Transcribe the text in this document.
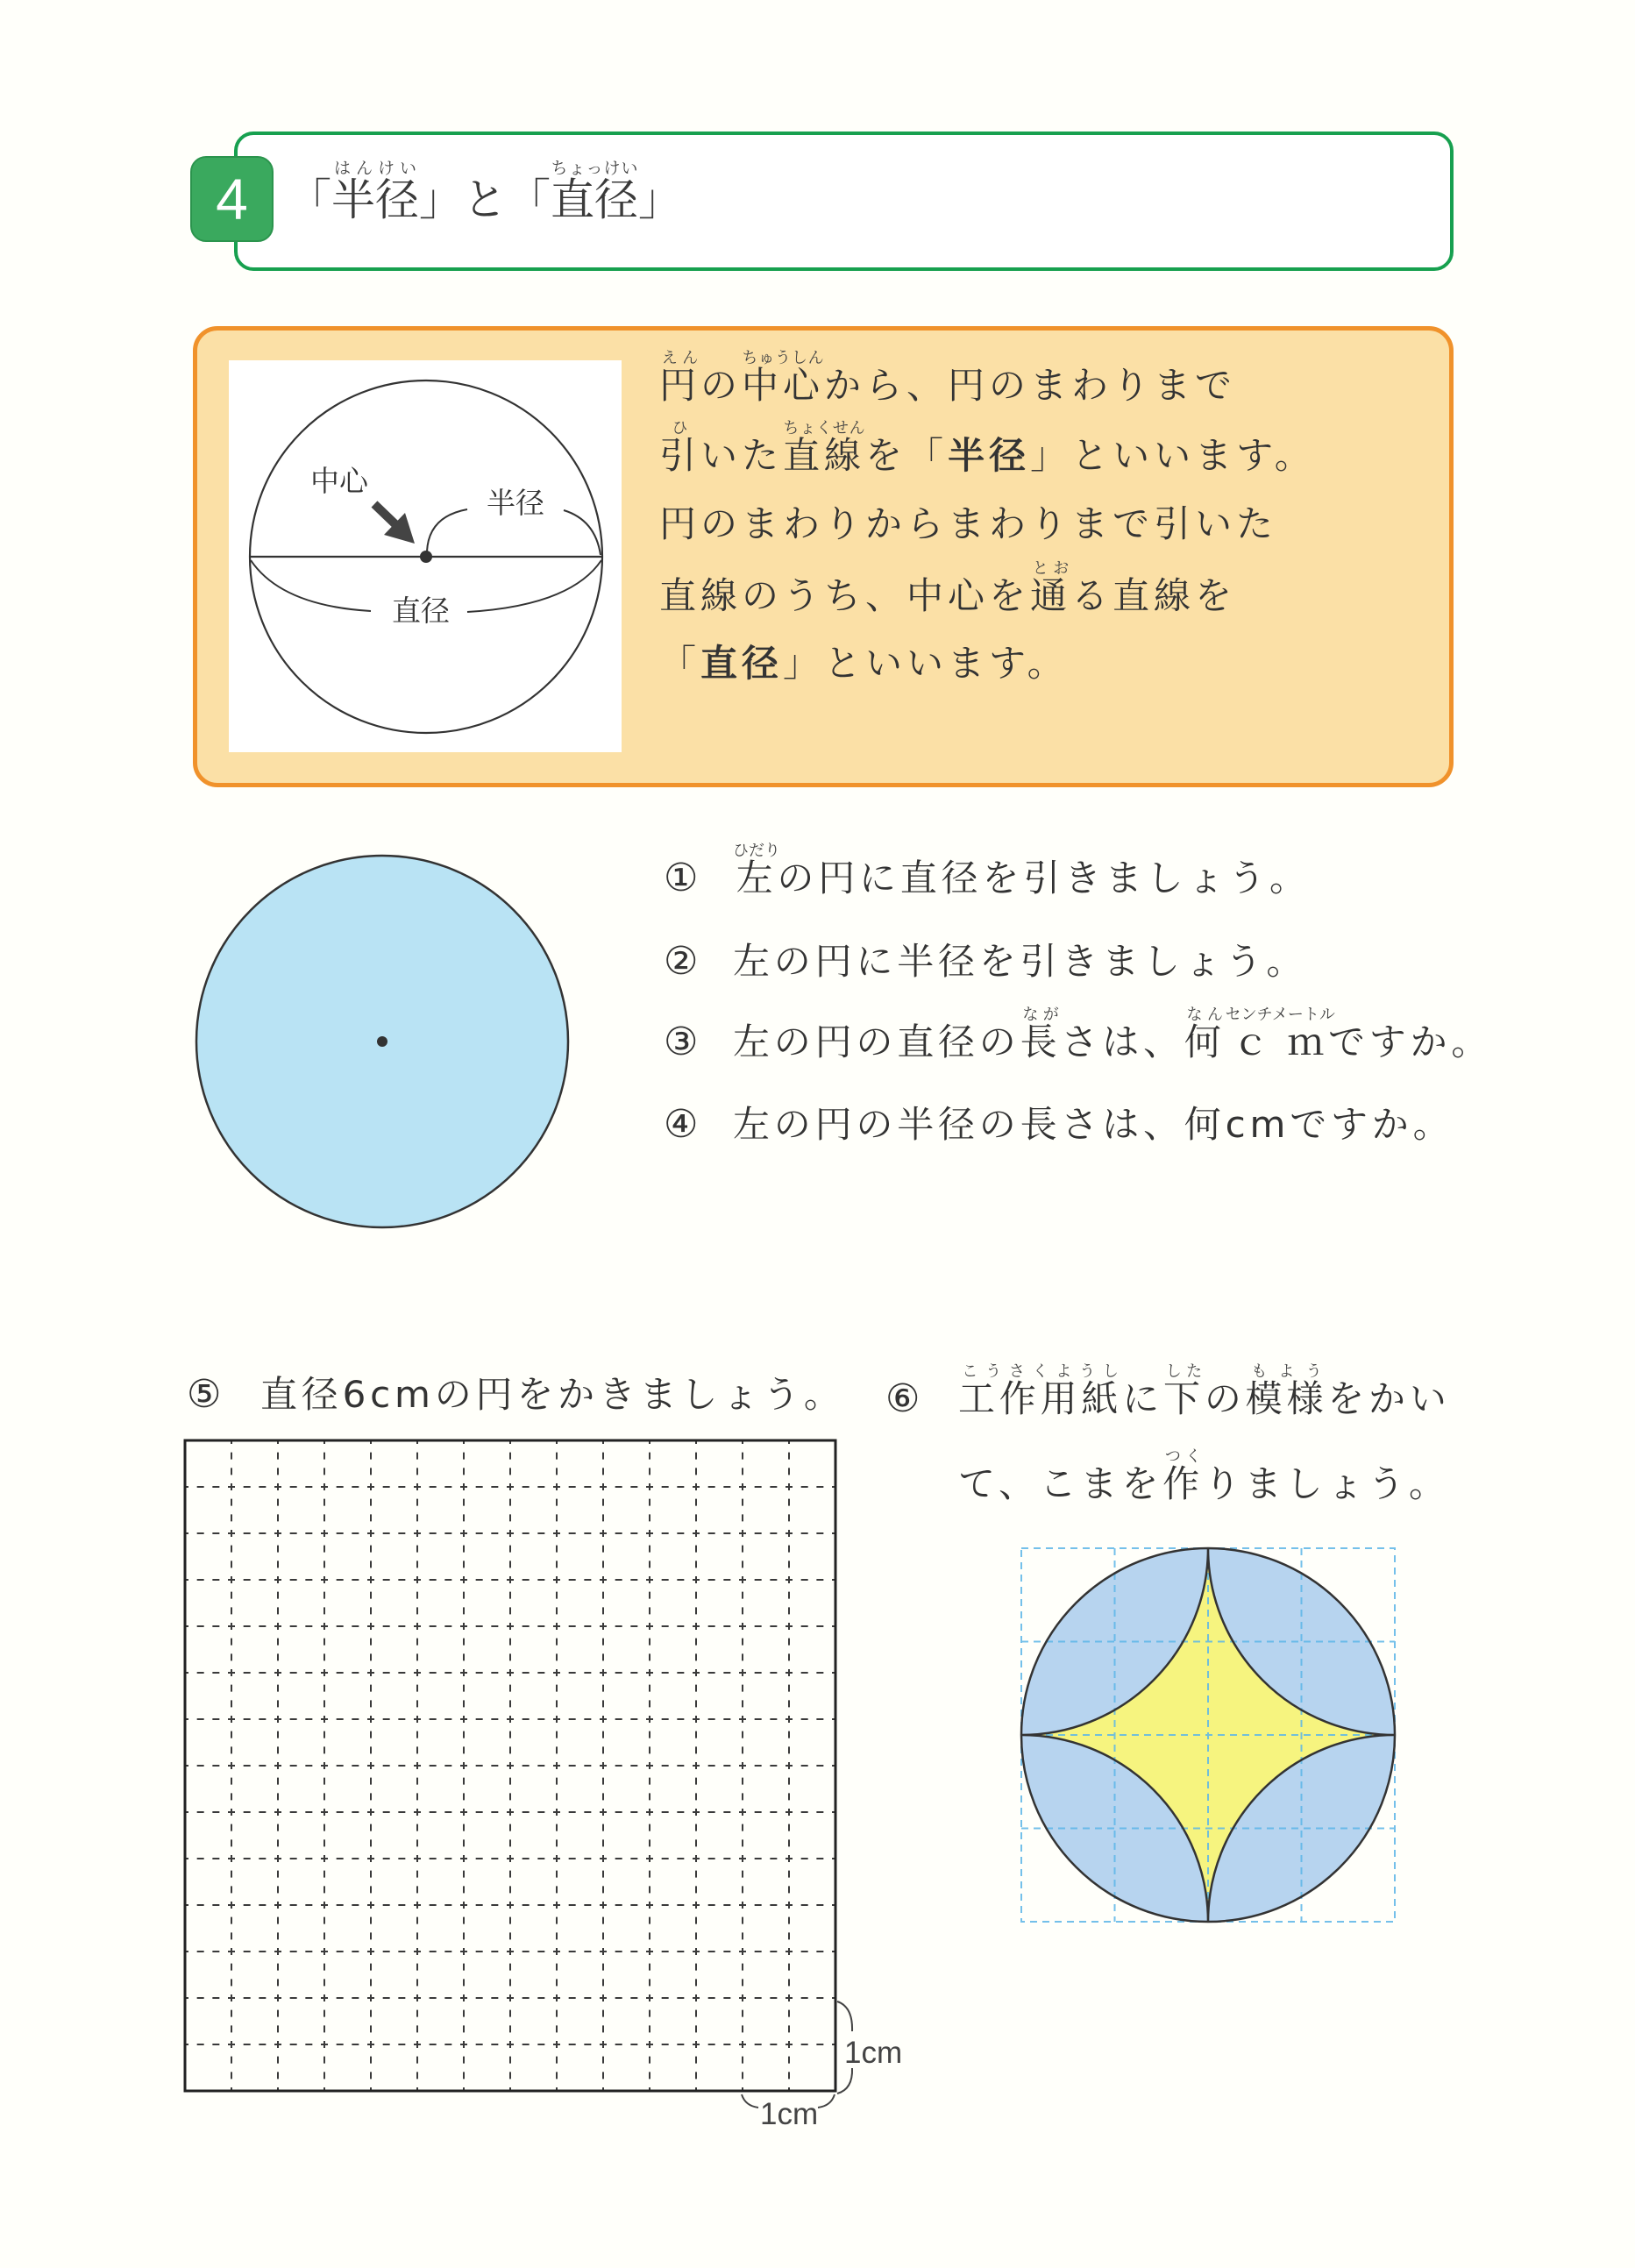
4 「半径はんけい」と「直径ちょっけい」
中心
半径
直径
円えんの中心ちゅうしんから、円のまわりまで
引ひいた直線ちょくせんを「半径」といいます。
円のまわりからまわりまで引いた
直線のうち、中心を通とおる直線を
「直径」といいます。
① 左ひだりの円に直径を引きましょう。
② 左の円に半径を引きましょう。
③ 左の円の直径の長ながさは、何なんｃｍセンチメートルですか。
④ 左の円の半径の長さは、何cmですか。
⑤ 直径6cmの円をかきましょう。
1cm
1cm
⑥ 工作用紙こうさくようしに下したの模様もようをかい
て、こまを作つくりましょう。
